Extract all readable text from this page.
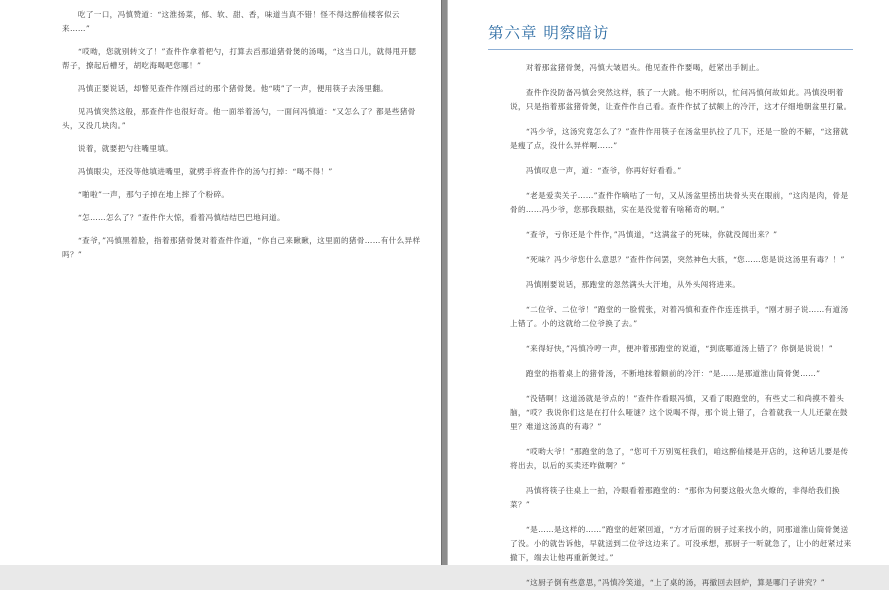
　　吃了一口，冯慎赞道：“这淮扬菜，郁、软、甜、香，味道当真不错！怪不得这醉仙楼客似云来……”

　　“哎呦，您就别转文了！”查件作拿着杷勺，打算去舀那道猪骨煲的汤喝，“这当口儿，就得甩开腮帮子，撩起后槽牙，胡吃海喝吧您哪！”

　　冯慎正要说话，却瞥见查件作刚舀过的那个猪骨煲。他“咦”了一声，便用筷子去汤里翻。

　　见冯慎突然这般，那查件作也很好奇。他一面举着汤勺，一面问冯慎道：“又怎么了？都是些猪骨头，又没几块肉。”

　　说着，就要把勺往嘴里填。

　　冯慎眼尖，还没等他填进嘴里，就劈手将查件作的汤勺打掉：“喝不得！”

　　“啪啦”一声，那勺子掉在地上摔了个粉碎。

　　“怎……怎么了？”查件作大惊，看着冯慎结结巴巴地问道。

　　“查爷，”冯慎黑着脸，指着那猪骨煲对着查件作道，“你自己来瞅瞅，这里面的猪骨……有什么异样吗？”

第六章 明察暗访

　　对着那盆猪骨煲，冯慎大皱眉头。他见查件作要喝，赶紧出手制止。

　　查件作没防备冯慎会突然这样，骇了一大跳。他不明所以，忙问冯慎何故如此。冯慎没明着说，只是指着那盆猪骨煲，让查件作自己看。查件作拭了拭额上的冷汗，这才仔细地朝盆里打量。

　　“冯少爷，这汤究竟怎么了？”查件作用筷子在汤盆里扒拉了几下，还是一脸的不解，“这猪就是瘦了点，没什么异样啊……”

　　冯慎叹息一声，道：“查爷，你再好好看看。”

　　“老是爱卖关子……”查件作嘀咕了一句，又从汤盆里捞出块骨头夹在眼前，“这肉是肉，骨是骨的……冯少爷，您那我眼拙，实在是没觉着有啥稀奇的啊。”

　　“查爷，亏你还是个件作，”冯慎道，“这满盆子的死味，你就没闻出来？”

　　“死味？冯少爷您什么意思？”查件作问罢，突然神色大骇，“您……您是说这汤里有毒？！”

　　冯慎刚要说话，那跑堂的忽然满头大汗地，从外头闯将进来。

　　“二位爷、二位爷！”跑堂的一脸慌张，对着冯慎和查件作连连拱手，“刚才厨子说……有道汤上错了。小的这就给二位爷换了去。”

　　“来得好快，”冯慎冷哼一声，便冲着那跑堂的说道，“到底哪道汤上错了？你倒是说说！”

　　跑堂的指着桌上的猪骨汤，不断地抹着额前的冷汗：“是……是那道淮山筒骨煲……”

　　“没错啊！这道汤就是爷点的！”查件作看眼冯慎，又看了眼跑堂的，有些丈二和尚摸不着头脑，“哎？我说你们这是在打什么哑谜？这个说喝不得，那个说上错了，合着就我一人儿还蒙在鼓里？难道这汤真的有毒？”

　　“哎哟大爷！”那跑堂的急了，“您可千万别冤枉我们，咱这醉仙楼是开店的，这种话儿要是传将出去，以后的买卖还咋做啊？”

　　冯慎将筷子往桌上一拍，冷眼看着那跑堂的：“那你为何要这般火急火燎的，非得给我们换菜？”

　　“是……是这样的……”跑堂的赶紧回道，“方才后面的厨子过来找小的，同那道淮山筒骨煲送了没。小的就告诉他，早就送到二位爷这边来了。可没承想，那厨子一听就急了，让小的赶紧过来撤下，端去让他再重新煲过。”

　　“这厨子倒有些意思，”冯慎冷笑道，“上了桌的汤，再撤回去回炉，算是哪门子讲究？”
